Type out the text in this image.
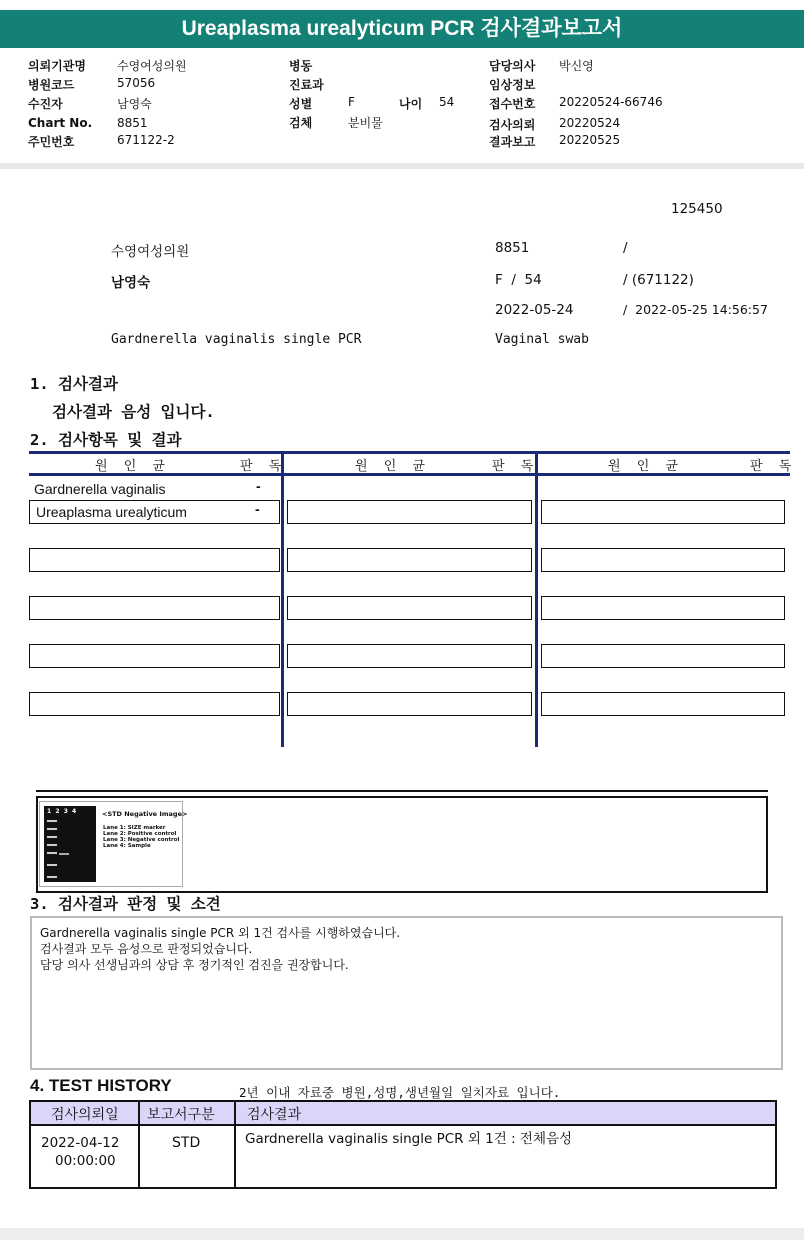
Ureaplasma urealyticum PCR 검사결과보고서
의뢰기관명	수영여성의원
병원코드	57056
수진자	남영숙
Chart No. 8851
주민번호	671122-2
병동
진료과
성별	F	나이 54
검체	분비물
담당의사 박신영
임상정보
접수번호 20220524-66746
검사의뢰 20220524
결과보고 20220525
125450
수영여성의원	8851	/
남영숙	F  /  54	/ (671122)
2022-05-24	/  2022-05-25 14:56:57
Gardnerella vaginalis single PCR	Vaginal swab
1. 검사결과
검사결과 음성 입니다.
2. 검사항목 및 결과
원 인 균	판 독	원 인 균	판 독	원 인 균	판 독
Gardnerella vaginalis	-
Ureaplasma urealyticum	-
1  2  3  4	<STD Negative Image>
Lane 1: SIZE marker
Lane 2: Positive control
Lane 3: Negative control
Lane 4: Sample
3. 검사결과 판정 및 소견
Gardnerella vaginalis single PCR 외 1건 검사를 시행하였습니다.
검사결과 모두 음성으로 판정되었습니다.
담당 의사 선생님과의 상담 후 정기적인 검진을 권장합니다.
4. TEST HISTORY	2년 이내 자료중 병원,성명,생년월일 일치자료 입니다.
검사의뢰일 보고서구분 검사결과
2022-04-12
00:00:00
STD	Gardnerella vaginalis single PCR 외 1건 : 전체음성
